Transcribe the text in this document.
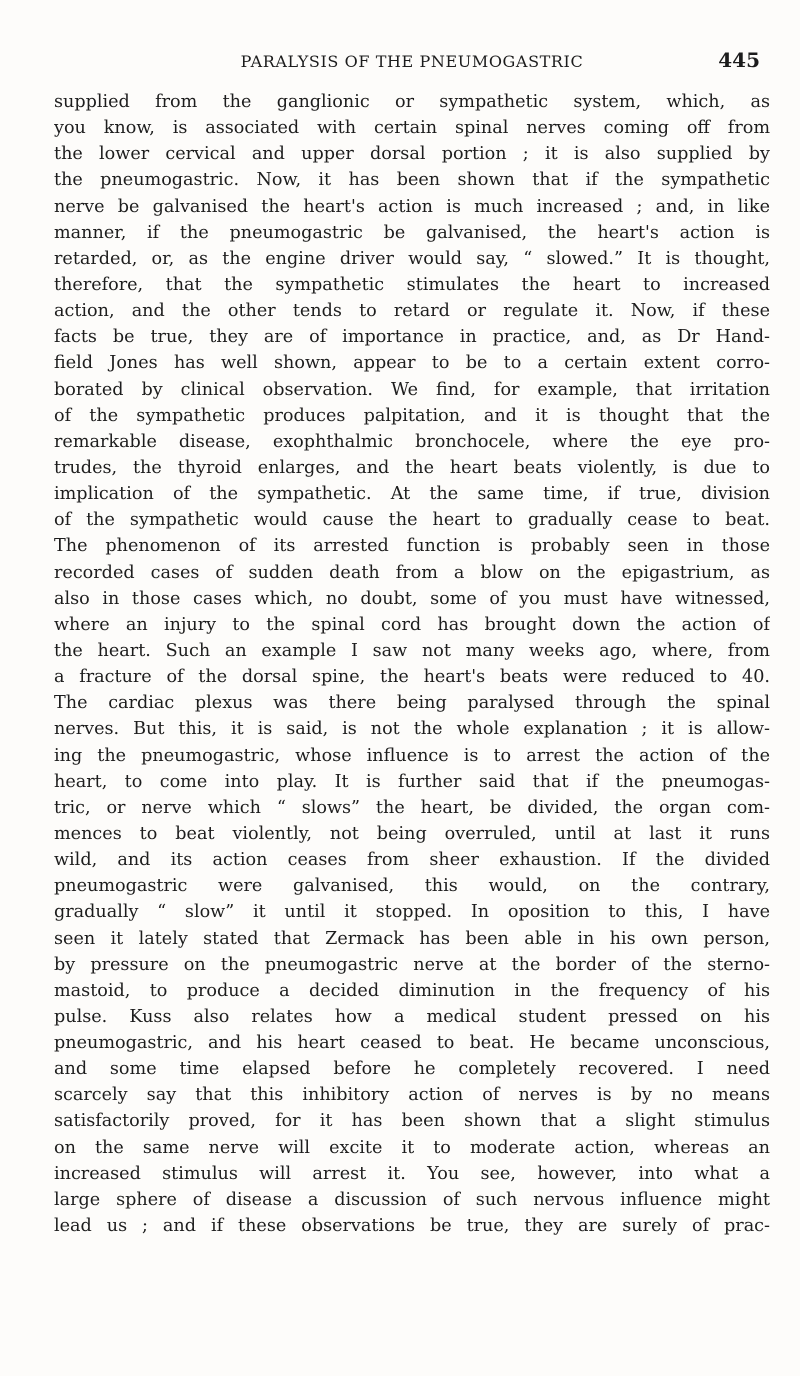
PARALYSIS OF THE PNEUMOGASTRIC	445
supplied from the ganglionic or sympathetic system, which, as
you know, is associated with certain spinal nerves coming off from
the lower cervical and upper dorsal portion ; it is also supplied by
the pneumogastric. Now, it has been shown that if the sympathetic
nerve be galvanised the heart's action is much increased ; and, in like
manner, if the pneumogastric be galvanised, the heart's action is
retarded, or, as the engine driver would say, “ slowed.” It is thought,
therefore, that the sympathetic stimulates the heart to increased
action, and the other tends to retard or regulate it. Now, if these
facts be true, they are of importance in practice, and, as Dr Hand-
field Jones has well shown, appear to be to a certain extent corro-
borated by clinical observation. We find, for example, that irritation
of the sympathetic produces palpitation, and it is thought that the
remarkable disease, exophthalmic bronchocele, where the eye pro-
trudes, the thyroid enlarges, and the heart beats violently, is due to
implication of the sympathetic. At the same time, if true, division
of the sympathetic would cause the heart to gradually cease to beat.
The phenomenon of its arrested function is probably seen in those
recorded cases of sudden death from a blow on the epigastrium, as
also in those cases which, no doubt, some of you must have witnessed,
where an injury to the spinal cord has brought down the action of
the heart. Such an example I saw not many weeks ago, where, from
a fracture of the dorsal spine, the heart's beats were reduced to 40.
The cardiac plexus was there being paralysed through the spinal
nerves. But this, it is said, is not the whole explanation ; it is allow-
ing the pneumogastric, whose influence is to arrest the action of the
heart, to come into play. It is further said that if the pneumogas-
tric, or nerve which “ slows” the heart, be divided, the organ com-
mences to beat violently, not being overruled, until at last it runs
wild, and its action ceases from sheer exhaustion. If the divided
pneumogastric were galvanised, this would, on the contrary,
gradually “ slow” it until it stopped. In oposition to this, I have
seen it lately stated that Zermack has been able in his own person,
by pressure on the pneumogastric nerve at the border of the sterno-
mastoid, to produce a decided diminution in the frequency of his
pulse. Kuss also relates how a medical student pressed on his
pneumogastric, and his heart ceased to beat. He became unconscious,
and some time elapsed before he completely recovered. I need
scarcely say that this inhibitory action of nerves is by no means
satisfactorily proved, for it has been shown that a slight stimulus
on the same nerve will excite it to moderate action, whereas an
increased stimulus will arrest it. You see, however, into what a
large sphere of disease a discussion of such nervous influence might
lead us ; and if these observations be true, they are surely of prac-
